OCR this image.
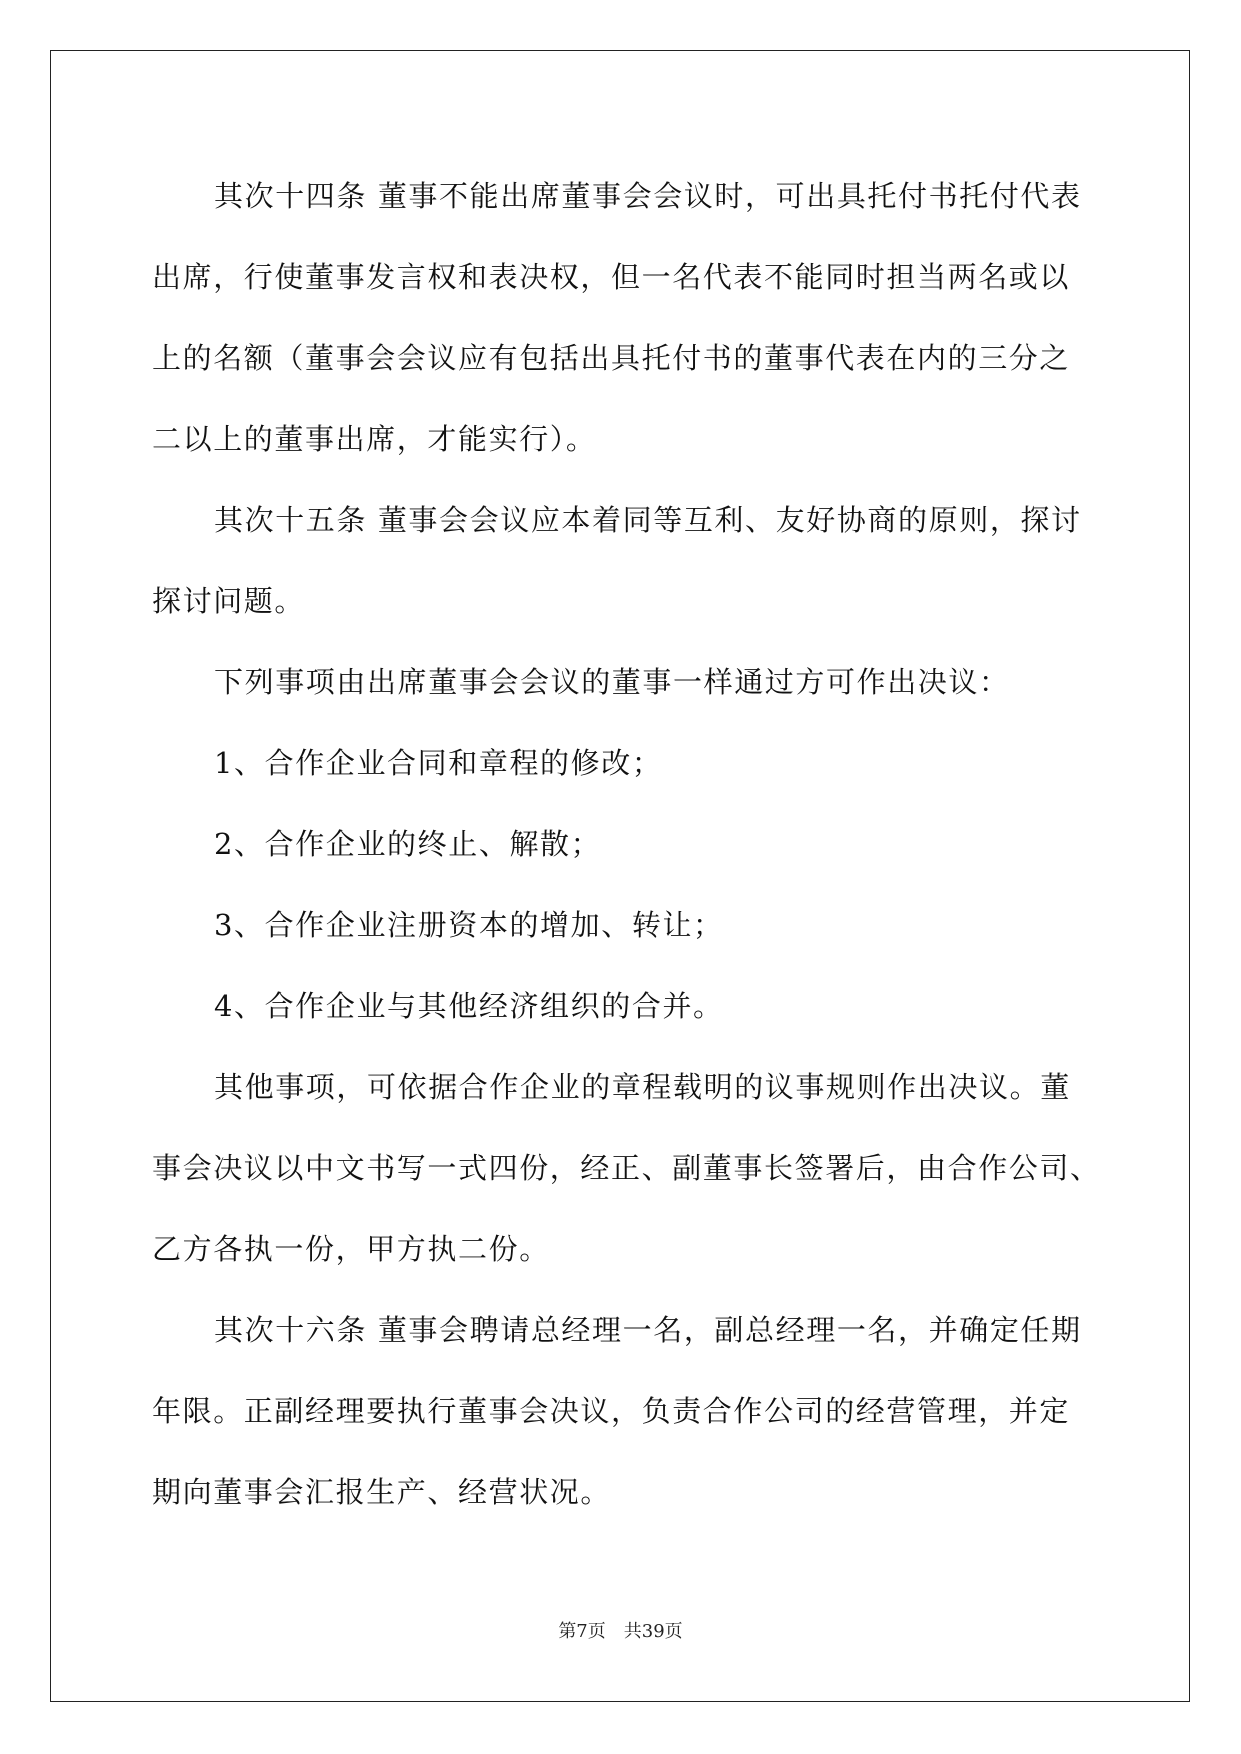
其次十四条 董事不能出席董事会会议时，可出具托付书托付代表
出席，行使董事发言权和表决权，但一名代表不能同时担当两名或以
上的名额（董事会会议应有包括出具托付书的董事代表在内的三分之
二以上的董事出席，才能实行）。
其次十五条 董事会会议应本着同等互利、友好协商的原则，探讨
探讨问题。
下列事项由出席董事会会议的董事一样通过方可作出决议：
1、合作企业合同和章程的修改；
2、合作企业的终止、解散；
3、合作企业注册资本的增加、转让；
4、合作企业与其他经济组织的合并。
其他事项，可依据合作企业的章程载明的议事规则作出决议。董
事会决议以中文书写一式四份，经正、副董事长签署后，由合作公司、
乙方各执一份，甲方执二份。
其次十六条 董事会聘请总经理一名，副总经理一名，并确定任期
年限。正副经理要执行董事会决议，负责合作公司的经营管理，并定
期向董事会汇报生产、经营状况。
第7页 共39页
